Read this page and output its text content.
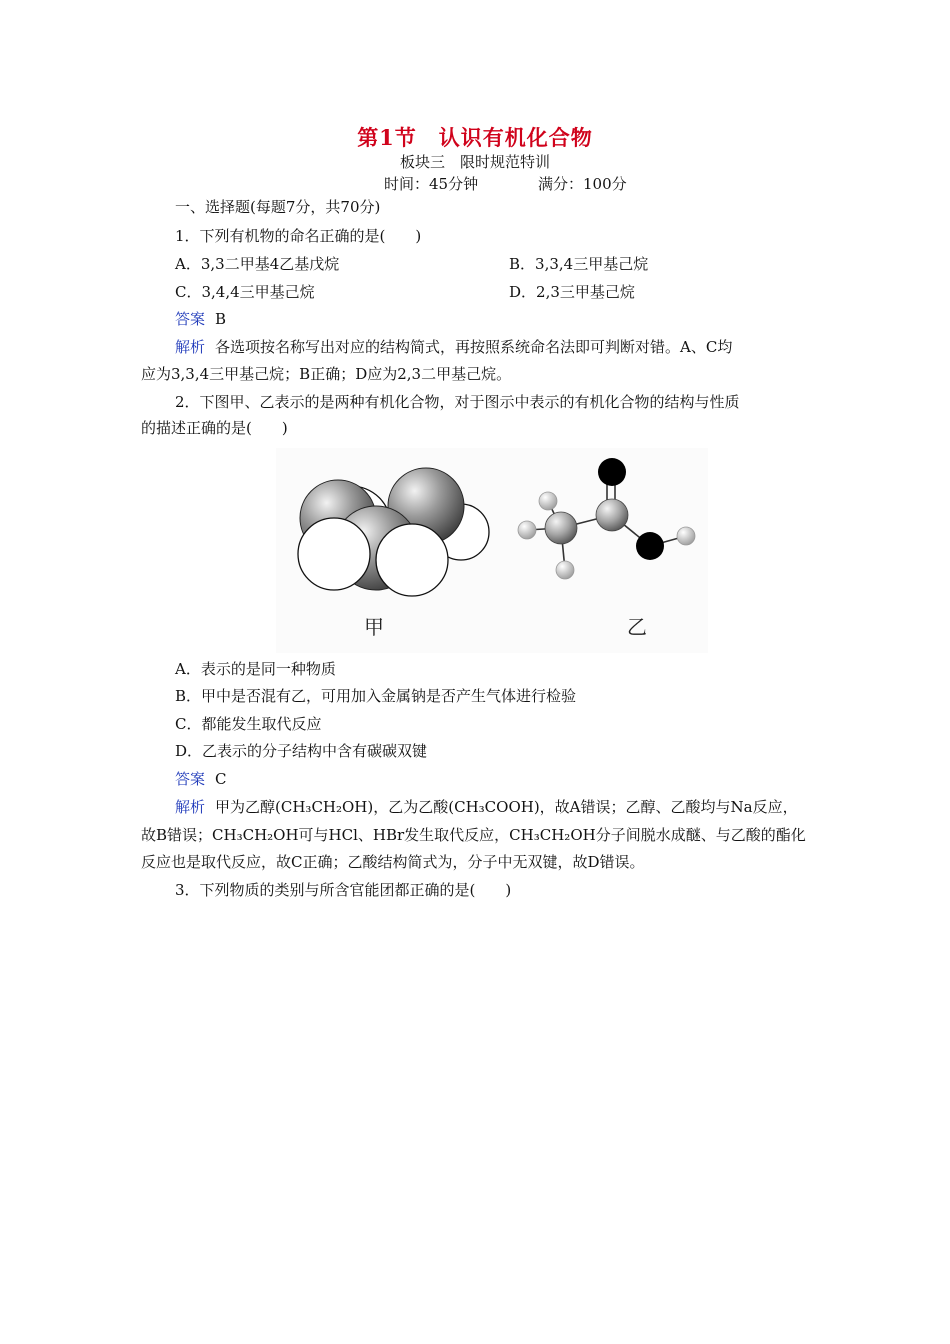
第1节　认识有机化合物
板块三　限时规范特训
时间：45分钟	满分：100分
一、选择题(每题7分，共70分)
1．下列有机物的命名正确的是(　　)
A．3,3二甲基4乙基戊烷	B．3,3,4三甲基己烷
C．3,4,4三甲基己烷	D．2,3三甲基己烷
答案 B
解析 各选项按名称写出对应的结构简式，再按照系统命名法即可判断对错。A、C均
应为3,3,4三甲基己烷；B正确；D应为2,3二甲基己烷。
2．下图甲、乙表示的是两种有机化合物，对于图示中表示的有机化合物的结构与性质
的描述正确的是(　　)
甲	乙
A．表示的是同一种物质
B．甲中是否混有乙，可用加入金属钠是否产生气体进行检验
C．都能发生取代反应
D．乙表示的分子结构中含有碳碳双键
答案 C
解析 甲为乙醇(CH₃CH₂OH)，乙为乙酸(CH₃COOH)，故A错误；乙醇、乙酸均与Na反应，
故B错误；CH₃CH₂OH可与HCl、HBr发生取代反应，CH₃CH₂OH分子间脱水成醚、与乙酸的酯化
反应也是取代反应，故C正确；乙酸结构简式为，分子中无双键，故D错误。
3．下列物质的类别与所含官能团都正确的是(　　)
